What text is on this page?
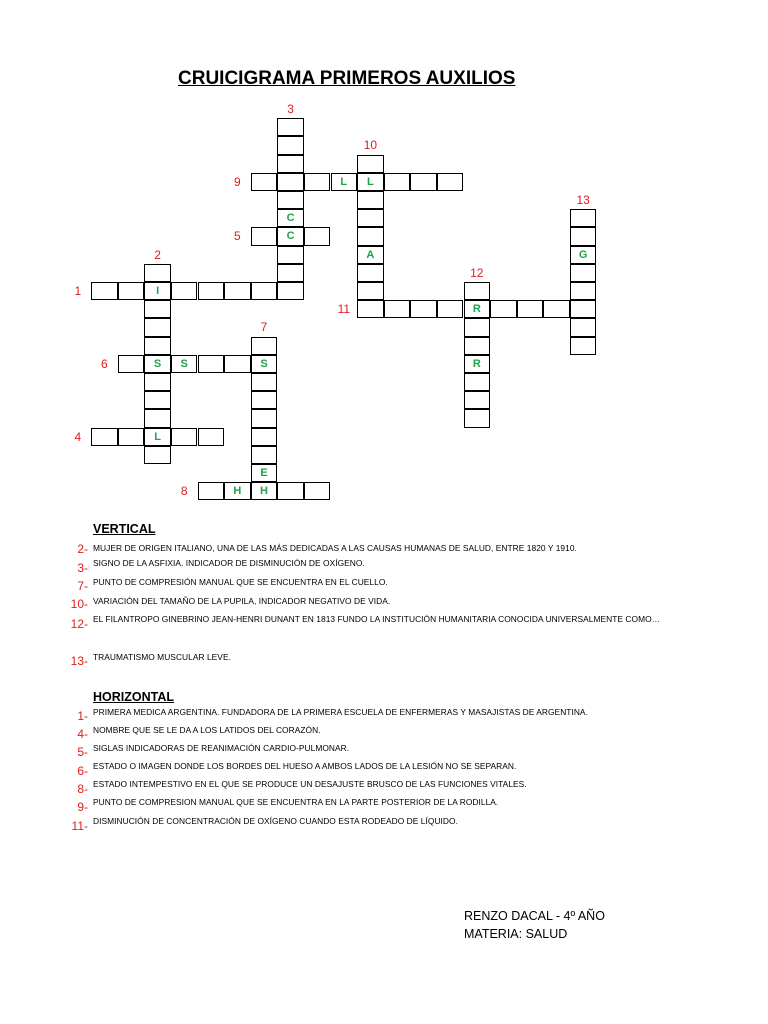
CRUICIGRAMA PRIMEROS AUXILIOS
I
L
C
S	S	S
H	H
L	L
R
C
E
A
R
G
3
10
9
13
5
2
12
1
11
7
6
4
8
VERTICAL
2- MUJER DE ORIGEN ITALIANO, UNA DE LAS MÁS DEDICADAS A LAS CAUSAS HUMANAS DE SALUD, ENTRE 1820 Y 1910.
3- SIGNO DE LA ASFIXIA. INDICADOR DE DISMINUCIÓN DE OXÍGENO.
7- PUNTO DE COMPRESIÓN MANUAL QUE SE ENCUENTRA EN EL CUELLO.
10- VARIACIÓN DEL TAMAÑO DE LA PUPILA, INDICADOR NEGATIVO DE VIDA.
12- EL FILANTROPO GINEBRINO JEAN-HENRI DUNANT EN 1813 FUNDO LA INSTITUCIÓN HUMANITARIA CONOCIDA UNIVERSALMENTE COMO…
13- TRAUMATISMO MUSCULAR LEVE.
HORIZONTAL
1- PRIMERA MEDICA ARGENTINA. FUNDADORA DE LA PRIMERA ESCUELA DE ENFERMERAS Y MASAJISTAS DE ARGENTINA.
4- NOMBRE QUE SE LE DA A LOS LATIDOS DEL CORAZÓN.
5- SIGLAS INDICADORAS DE REANIMACIÓN CARDIO-PULMONAR.
6- ESTADO O IMAGEN DONDE LOS BORDES DEL HUESO A AMBOS LADOS DE LA LESIÓN NO SE SEPARAN.
8- ESTADO INTEMPESTIVO EN EL QUE SE PRODUCE UN DESAJUSTE BRUSCO DE LAS FUNCIONES VITALES.
9- PUNTO DE COMPRESION MANUAL QUE SE ENCUENTRA EN LA PARTE POSTERIOR DE LA RODILLA.
11- DISMINUCIÓN DE CONCENTRACIÓN DE OXÍGENO CUANDO ESTA RODEADO DE LÍQUIDO.
RENZO DACAL - 4º AÑO
MATERIA: SALUD
